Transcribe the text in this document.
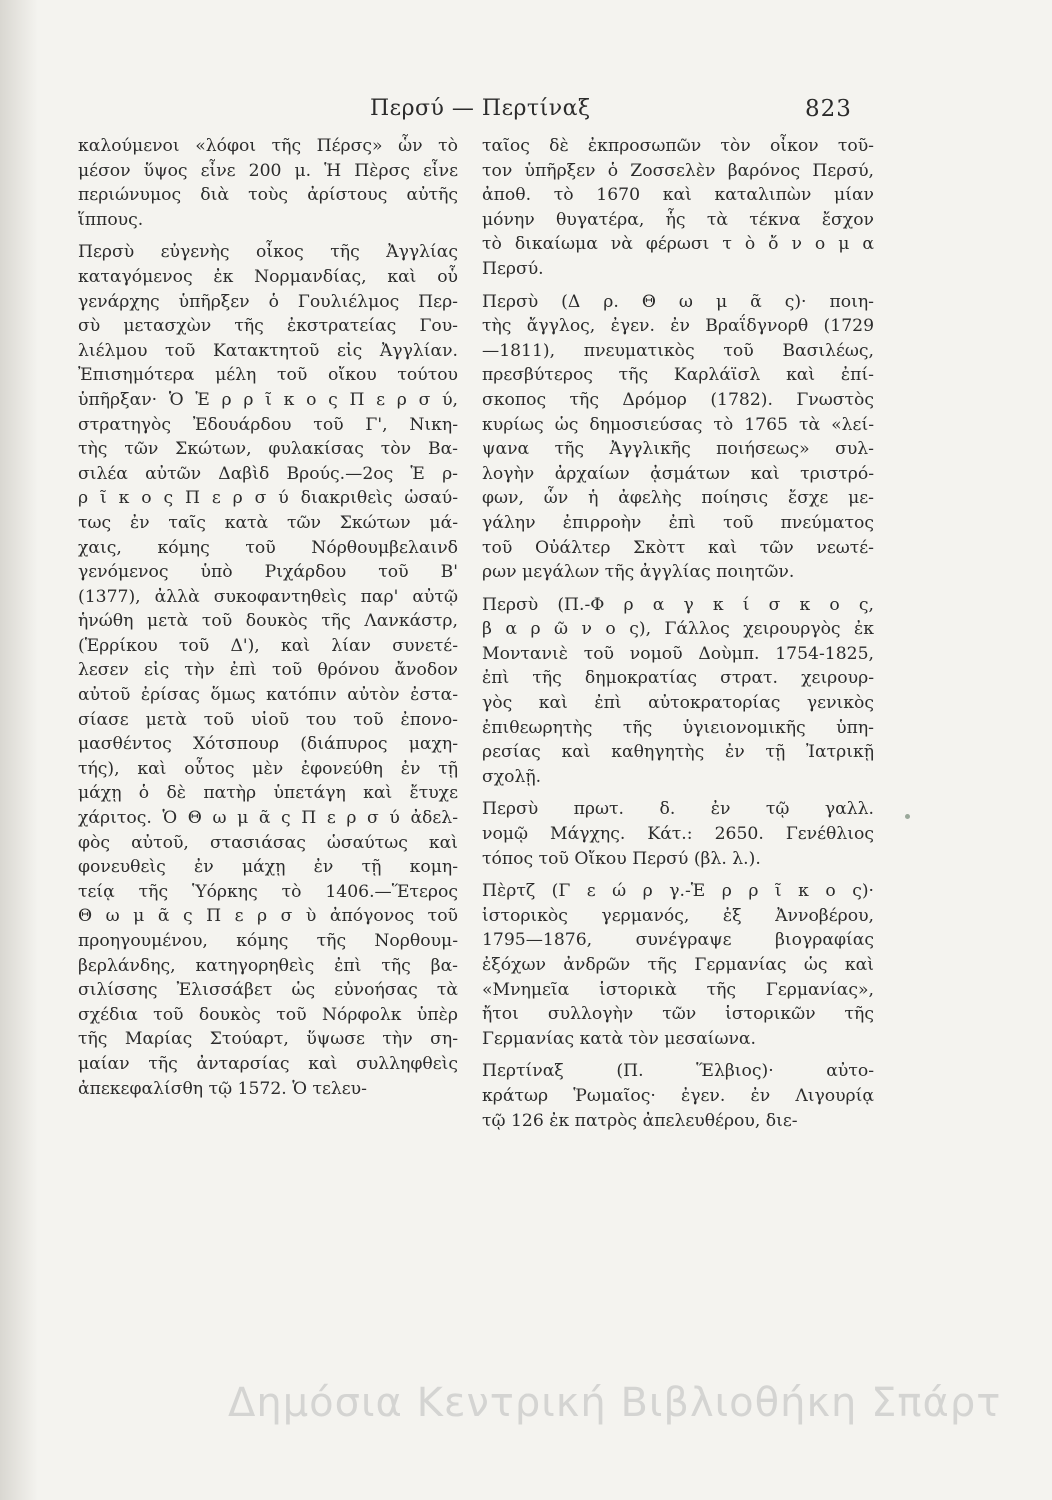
Περσύ — Περτίναξ	823
καλούμενοι «λόφοι τῆς Πέρσς» ὧν τὸ
μέσον ὕψος εἶνε 200 μ. Ἡ Πὲρσς εἶνε
περιώνυμος διὰ τοὺς ἀρίστους αὐτῆς
ἵππους.
Περσὺ εὐγενὴς οἶκος τῆς Ἀγγλίας
καταγόμενος ἐκ Νορμανδίας, καὶ οὗ
γενάρχης ὑπῆρξεν ὁ Γουλιέλμος Περ-
σὺ μετασχὼν τῆς ἐκστρατείας Γου-
λιέλμου τοῦ Κατακτητοῦ εἰς Ἀγγλίαν.
Ἐπισημότερα μέλη τοῦ οἴκου τούτου
ὑπῆρξαν· Ὁ Ἑ ρ ρ ῖ κ ο ς Π ε ρ σ ύ,
στρατηγὸς Ἐδουάρδου τοῦ Γ', Νικη-
τὴς τῶν Σκώτων, φυλακίσας τὸν Βα-
σιλέα αὐτῶν Δαβὶδ Βρούς.—2ος Ἑ ρ-
ρ ῖ κ ο ς Π ε ρ σ ύ διακριθεὶς ὡσαύ-
τως ἐν ταῖς κατὰ τῶν Σκώτων μά-
χαις, κόμης τοῦ Νόρθουμβελαινδ
γενόμενος ὑπὸ Ριχάρδου τοῦ Β'
(1377), ἀλλὰ συκοφαντηθεὶς παρ' αὐτῷ
ἡνώθη μετὰ τοῦ δουκὸς τῆς Λανκάστρ,
(Ἑρρίκου τοῦ Δ'), καὶ λίαν συνετέ-
λεσεν εἰς τὴν ἐπὶ τοῦ θρόνου ἄνοδον
αὐτοῦ ἐρίσας ὅμως κατόπιν αὐτὸν ἐστα-
σίασε μετὰ τοῦ υἱοῦ του τοῦ ἐπονο-
μασθέντος Χότσπουρ (διάπυρος μαχη-
τής), καὶ οὗτος μὲν ἐφονεύθη ἐν τῇ
μάχῃ ὁ δὲ πατὴρ ὑπετάγη καὶ ἔτυχε
χάριτος. Ὁ Θ ω μ ᾶ ς Π ε ρ σ ύ ἀδελ-
φὸς αὐτοῦ, στασιάσας ὡσαύτως καὶ
φονευθεὶς ἐν μάχῃ ἐν τῇ κομη-
τείᾳ τῆς Ὑόρκης τὸ 1406.—Ἕτερος
Θ ω μ ᾶ ς Π ε ρ σ ὺ ἀπόγονος τοῦ
προηγουμένου, κόμης τῆς Νορθουμ-
βερλάνδης, κατηγορηθεὶς ἐπὶ τῆς βα-
σιλίσσης Ἐλισσάβετ ὡς εὐνοήσας τὰ
σχέδια τοῦ δουκὸς τοῦ Νόρφολκ ὑπὲρ
τῆς Μαρίας Στούαρτ, ὕψωσε τὴν ση-
μαίαν τῆς ἀνταρσίας καὶ συλληφθεὶς
ἀπεκεφαλίσθη τῷ 1572. Ὁ τελευ-
ταῖος δὲ ἐκπροσωπῶν τὸν οἶκον τοῦ-
τον ὑπῆρξεν ὁ Ζοσσελὲν βαρόνος Περσύ,
ἀποθ. τὸ 1670 καὶ καταλιπὼν μίαν
μόνην θυγατέρα, ἧς τὰ τέκνα ἔσχον
τὸ δικαίωμα νὰ φέρωσι τ ὸ ὄ ν ο μ α
Περσύ.
Περσὺ (Δ ρ. Θ ω μ ᾶ ς)· ποιη-
τὴς ἄγγλος, ἐγεν. ἐν Βραΐδγνορθ (1729
—1811), πνευματικὸς τοῦ Βασιλέως,
πρεσβύτερος τῆς Καρλάϊσλ καὶ ἐπί-
σκοπος τῆς Δρόμορ (1782). Γνωστὸς
κυρίως ὡς δημοσιεύσας τὸ 1765 τὰ «λεί-
ψανα τῆς Ἀγγλικῆς ποιήσεως» συλ-
λογὴν ἀρχαίων ᾀσμάτων καὶ τριστρό-
φων, ὧν ἡ ἀφελὴς ποίησις ἔσχε με-
γάλην ἐπιρροὴν ἐπὶ τοῦ πνεύματος
τοῦ Οὐάλτερ Σκὸττ καὶ τῶν νεωτέ-
ρων μεγάλων τῆς ἀγγλίας ποιητῶν.
Περσὺ (Π.-Φ ρ α γ κ ί σ κ ο ς,
β α ρ ῶ ν ο ς), Γάλλος χειρουργὸς ἐκ
Μοντανιὲ τοῦ νομοῦ Δοὺμπ. 1754-1825,
ἐπὶ τῆς δημοκρατίας στρατ. χειρουρ-
γὸς καὶ ἐπὶ αὐτοκρατορίας γενικὸς
ἐπιθεωρητὴς τῆς ὑγιειονομικῆς ὑπη-
ρεσίας καὶ καθηγητὴς ἐν τῇ Ἰατρικῇ
σχολῇ.
Περσὺ πρωτ. δ. ἐν τῷ γαλλ.
νομῷ Μάγχης. Κάτ.: 2650. Γενέθλιος
τόπος τοῦ Οἴκου Περσύ (βλ. λ.).
Πὲρτζ (Γ ε ώ ρ γ.-Ἑ ρ ρ ῖ κ ο ς)·
ἱστορικὸς γερμανός, ἐξ Ἀννοβέρου,
1795—1876, συνέγραψε βιογραφίας
ἐξόχων ἀνδρῶν τῆς Γερμανίας ὡς καὶ
«Μνημεῖα ἱστορικὰ τῆς Γερμανίας»,
ἤτοι συλλογὴν τῶν ἱστορικῶν τῆς
Γερμανίας κατὰ τὸν μεσαίωνα.
Περτίναξ (Π. Ἕλβιος)· αὐτο-
κράτωρ Ῥωμαῖος· ἐγεν. ἐν Λιγουρίᾳ
τῷ 126 ἐκ πατρὸς ἀπελευθέρου, διε-
Δημόσια Κεντρική Βιβλιοθήκη Σπάρτ
